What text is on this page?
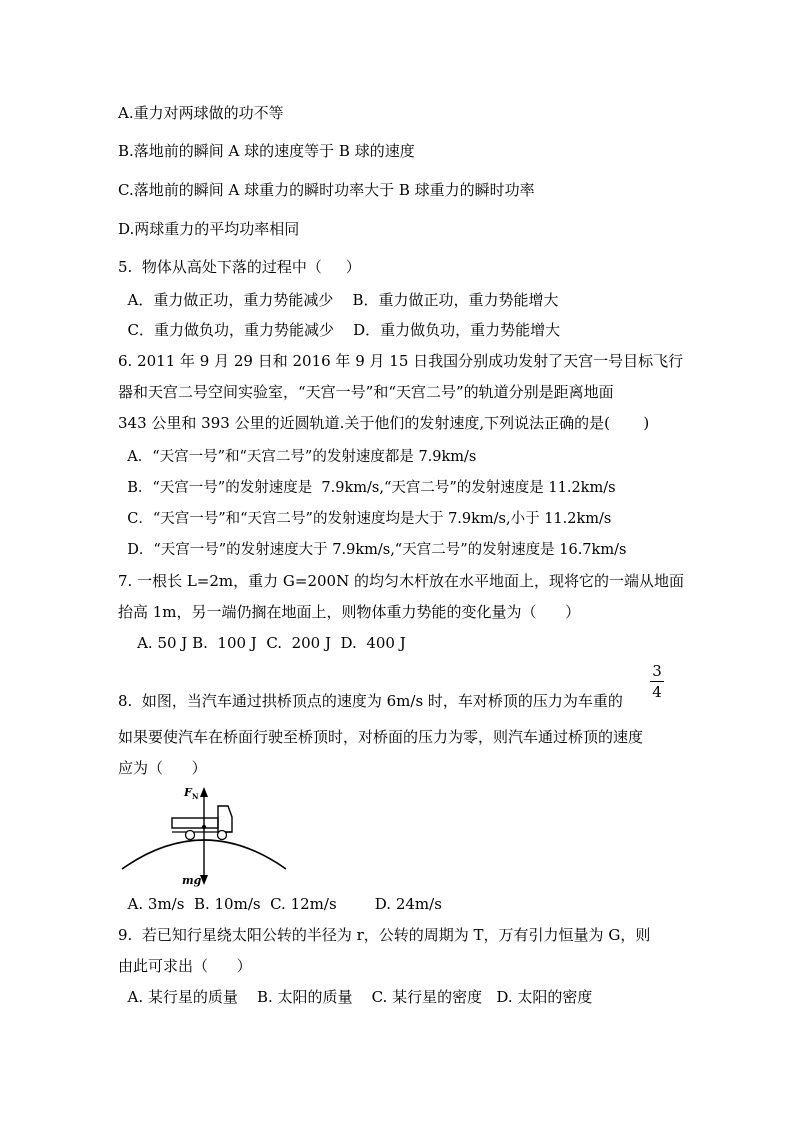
A.重力对两球做的功不等
B.落地前的瞬间 A 球的速度等于 B 球的速度
C.落地前的瞬间 A 球重力的瞬时功率大于 B 球重力的瞬时功率
D.两球重力的平均功率相同
5.  物体从高处下落的过程中（     ）
A．重力做正功，重力势能减少    B．重力做正功，重力势能增大
C．重力做负功，重力势能减少    D．重力做负功，重力势能增大
6. 2011 年 9 月 29 日和 2016 年 9 月 15 日我国分别成功发射了天宫一号目标飞行
器和天宫二号空间实验室，“天宫一号”和“天宫二号”的轨道分别是距离地面
343 公里和 393 公里的近圆轨道.关于他们的发射速度,下列说法正确的是(       )
A．“天宫一号”和“天宫二号”的发射速度都是 7.9km/s
B．“天宫一号”的发射速度是  7.9km/s,“天宫二号”的发射速度是 11.2km/s
C．“天宫一号”和“天宫二号”的发射速度均是大于 7.9km/s,小于 11.2km/s
D．“天宫一号”的发射速度大于 7.9km/s,“天宫二号”的发射速度是 16.7km/s
7. 一根长 L=2m，重力 G=200N 的均匀木杆放在水平地面上，现将它的一端从地面
抬高 1m，另一端仍搁在地面上，则物体重力势能的变化量为（      ）
A. 50 J B.  100 J  C.  200 J  D.  400 J
3
4
8.  如图，当汽车通过拱桥顶点的速度为 6m/s 时，车对桥顶的压力为车重的
如果要使汽车在桥面行驶至桥顶时，对桥面的压力为零，则汽车通过桥顶的速度
应为（      ）
F N
mg
A. 3m/s  B. 10m/s  C. 12m/s        D. 24m/s
9.  若已知行星绕太阳公转的半径为 r，公转的周期为 T，万有引力恒量为 G，则
由此可求出（      ）
A. 某行星的质量    B. 太阳的质量    C. 某行星的密度   D. 太阳的密度
